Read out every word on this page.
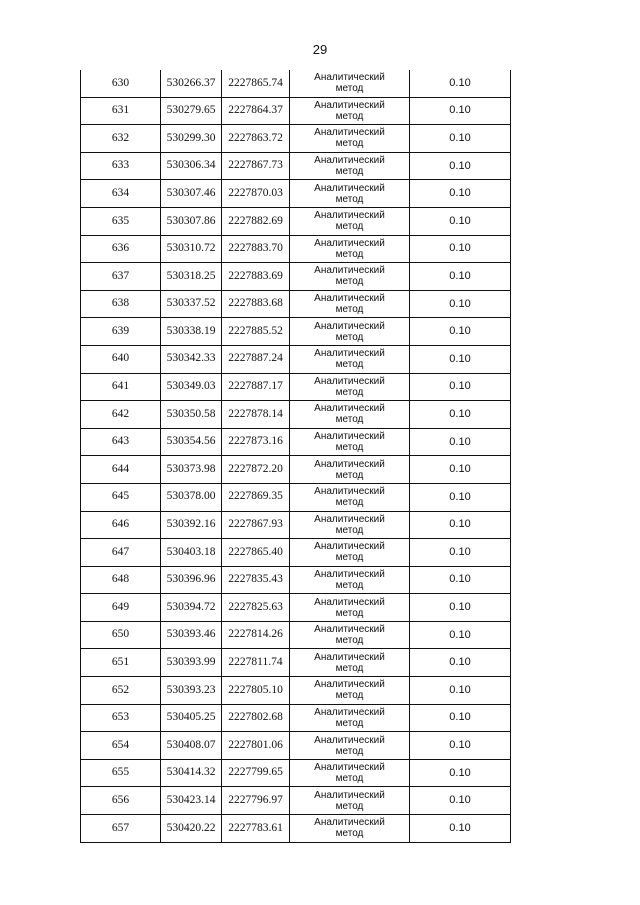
29
630	530266.37	2227865.74	Аналитический
метод	0.10
631	530279.65	2227864.37	Аналитический
метод	0.10
632	530299.30	2227863.72	Аналитический
метод	0.10
633	530306.34	2227867.73	Аналитический
метод	0.10
634	530307.46	2227870.03	Аналитический
метод	0.10
635	530307.86	2227882.69	Аналитический
метод	0.10
636	530310.72	2227883.70	Аналитический
метод	0.10
637	530318.25	2227883.69	Аналитический
метод	0.10
638	530337.52	2227883.68	Аналитический
метод	0.10
639	530338.19	2227885.52	Аналитический
метод	0.10
640	530342.33	2227887.24	Аналитический
метод	0.10
641	530349.03	2227887.17	Аналитический
метод	0.10
642	530350.58	2227878.14	Аналитический
метод	0.10
643	530354.56	2227873.16	Аналитический
метод	0.10
644	530373.98	2227872.20	Аналитический
метод	0.10
645	530378.00	2227869.35	Аналитический
метод	0.10
646	530392.16	2227867.93	Аналитический
метод	0.10
647	530403.18	2227865.40	Аналитический
метод	0.10
648	530396.96	2227835.43	Аналитический
метод	0.10
649	530394.72	2227825.63	Аналитический
метод	0.10
650	530393.46	2227814.26	Аналитический
метод	0.10
651	530393.99	2227811.74	Аналитический
метод	0.10
652	530393.23	2227805.10	Аналитический
метод	0.10
653	530405.25	2227802.68	Аналитический
метод	0.10
654	530408.07	2227801.06	Аналитический
метод	0.10
655	530414.32	2227799.65	Аналитический
метод	0.10
656	530423.14	2227796.97	Аналитический
метод	0.10
657	530420.22	2227783.61	Аналитический
метод	0.10
